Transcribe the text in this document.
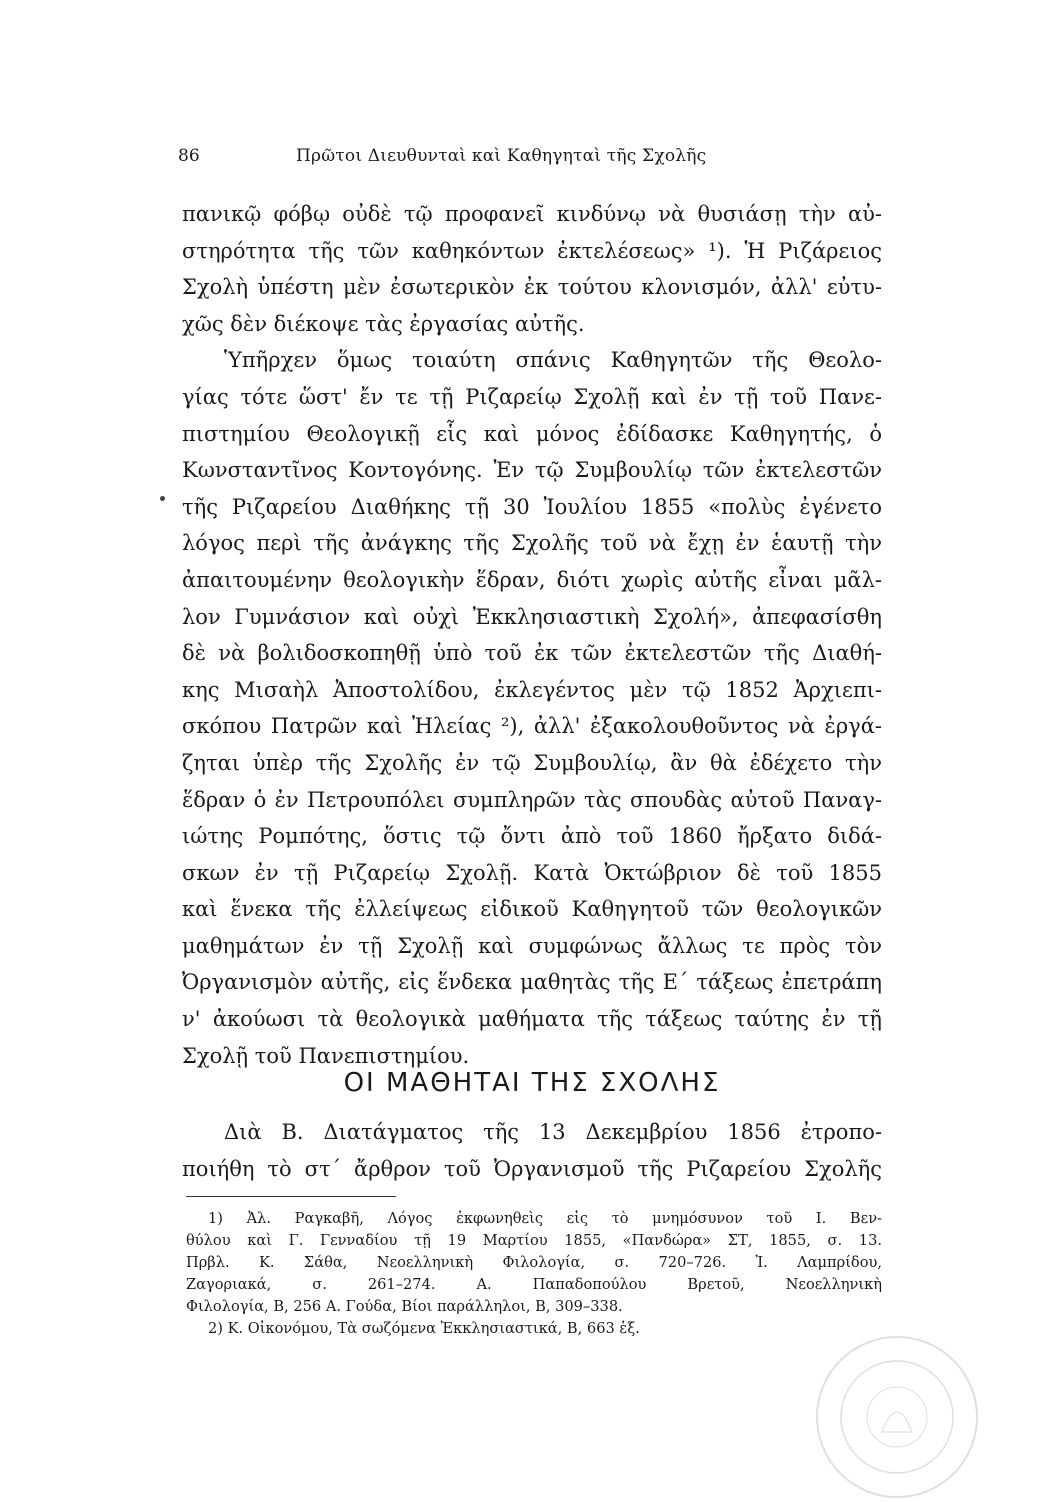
86	Πρῶτοι Διευθυνταὶ καὶ Καθηγηταὶ τῆς Σχολῆς
πανικῷ φόβῳ οὐδὲ τῷ προφανεῖ κινδύνῳ νὰ θυσιάσῃ τὴν αὐ-
στηρότητα τῆς τῶν καθηκόντων ἐκτελέσεως» ¹). Ἡ Ριζάρειος
Σχολὴ ὑπέστη μὲν ἐσωτερικὸν ἐκ τούτου κλονισμόν, ἀλλ' εὐτυ-
χῶς δὲν διέκοψε τὰς ἐργασίας αὐτῆς.
Ὑπῆρχεν ὅμως τοιαύτη σπάνις Καθηγητῶν τῆς Θεολο-
γίας τότε ὥστ' ἔν τε τῇ Ριζαρείῳ Σχολῇ καὶ ἐν τῇ τοῦ Πανε-
πιστημίου Θεολογικῇ εἷς καὶ μόνος ἐδίδασκε Καθηγητής, ὁ
Κωνσταντῖνος Κοντογόνης. Ἐν τῷ Συμβουλίῳ τῶν ἐκτελεστῶν
τῆς Ριζαρείου Διαθήκης τῇ 30 Ἰουλίου 1855 «πολὺς ἐγένετο
λόγος περὶ τῆς ἀνάγκης τῆς Σχολῆς τοῦ νὰ ἔχῃ ἐν ἑαυτῇ τὴν
ἀπαιτουμένην θεολογικὴν ἕδραν, διότι χωρὶς αὐτῆς εἶναι μᾶλ-
λον Γυμνάσιον καὶ οὐχὶ Ἐκκλησιαστικὴ Σχολή», ἀπεφασίσθη
δὲ νὰ βολιδοσκοπηθῇ ὑπὸ τοῦ ἐκ τῶν ἐκτελεστῶν τῆς Διαθή-
κης Μισαὴλ Ἀποστολίδου, ἐκλεγέντος μὲν τῷ 1852 Ἀρχιεπι-
σκόπου Πατρῶν καὶ Ἠλείας ²), ἀλλ' ἐξακολουθοῦντος νὰ ἐργά-
ζηται ὑπὲρ τῆς Σχολῆς ἐν τῷ Συμβουλίῳ, ἂν θὰ ἐδέχετο τὴν
ἕδραν ὁ ἐν Πετρουπόλει συμπληρῶν τὰς σπουδὰς αὐτοῦ Παναγ-
ιώτης Ρομπότης, ὅστις τῷ ὄντι ἀπὸ τοῦ 1860 ἤρξατο διδά-
σκων ἐν τῇ Ριζαρείῳ Σχολῇ. Κατὰ Ὀκτώβριον δὲ τοῦ 1855
καὶ ἕνεκα τῆς ἐλλείψεως εἰδικοῦ Καθηγητοῦ τῶν θεολογικῶν
μαθημάτων ἐν τῇ Σχολῇ καὶ συμφώνως ἄλλως τε πρὸς τὸν
Ὀργανισμὸν αὐτῆς, εἰς ἕνδεκα μαθητὰς τῆς Ε΄ τάξεως ἐπετράπη
ν' ἀκούωσι τὰ θεολογικὰ μαθήματα τῆς τάξεως ταύτης ἐν τῇ
Σχολῇ τοῦ Πανεπιστημίου.
ΟΙ ΜΑΘΗΤΑΙ ΤΗΣ ΣΧΟΛΗΣ
Διὰ Β. Διατάγματος τῆς 13 Δεκεμβρίου 1856 ἐτροπο-
ποιήθη τὸ στ΄ ἄρθρον τοῦ Ὀργανισμοῦ τῆς Ριζαρείου Σχολῆς
1) Ἀλ. Ραγκαβῆ, Λόγος ἐκφωνηθεὶς εἰς τὸ μνημόσυνον τοῦ Ι. Βεν-
θύλου καὶ Γ. Γενναδίου τῇ 19 Μαρτίου 1855, «Πανδώρα» ΣΤ, 1855, σ. 13.
Πρβλ. Κ. Σάθα, Νεοελληνικὴ Φιλολογία, σ. 720–726. Ἰ. Λαμπρίδου,
Ζαγοριακά, σ. 261–274. Α. Παπαδοπούλου Βρετοῦ, Νεοελληνικὴ
Φιλολογία, Β, 256 Α. Γούδα, Βίοι παράλληλοι, Β, 309–338.
2) Κ. Οἰκονόμου, Τὰ σωζόμενα Ἐκκλησιαστικά, Β, 663 ἑξ.
